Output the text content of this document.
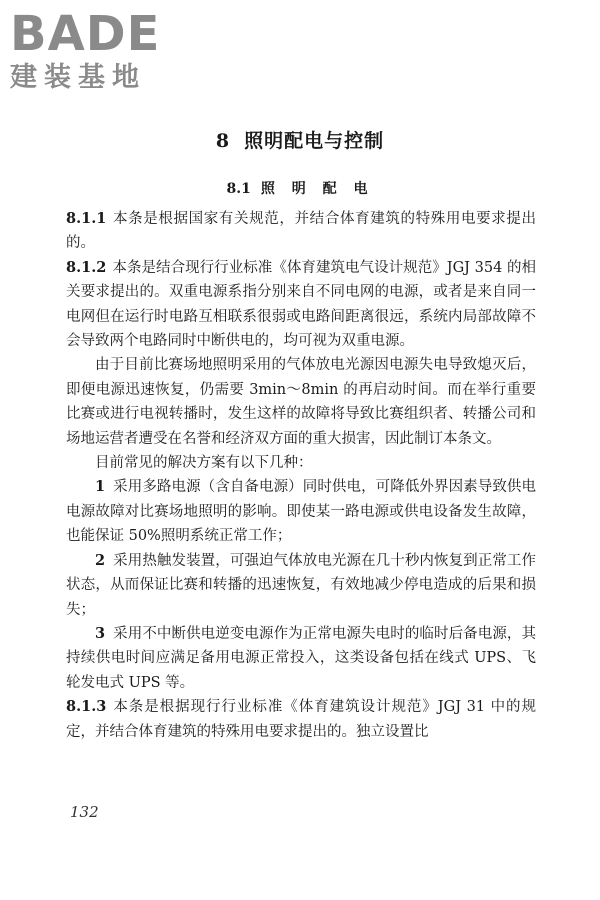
BADE
建装基地
8 照明配电与控制
8.1 照 明 配 电

8.1.1 本条是根据国家有关规范，并结合体育建筑的特殊用电要求提出的。

8.1.2 本条是结合现行行业标准《体育建筑电气设计规范》JGJ 354 的相关要求提出的。双重电源系指分别来自不同电网的电源，或者是来自同一电网但在运行时电路互相联系很弱或电路间距离很远，系统内局部故障不会导致两个电路同时中断供电的，均可视为双重电源。

由于目前比赛场地照明采用的气体放电光源因电源失电导致熄灭后，即便电源迅速恢复，仍需要 3min～8min 的再启动时间。而在举行重要比赛或进行电视转播时，发生这样的故障将导致比赛组织者、转播公司和场地运营者遭受在名誉和经济双方面的重大损害，因此制订本条文。

目前常见的解决方案有以下几种：

1 采用多路电源（含自备电源）同时供电，可降低外界因素导致供电电源故障对比赛场地照明的影响。即使某一路电源或供电设备发生故障，也能保证 50%照明系统正常工作；

2 采用热触发装置，可强迫气体放电光源在几十秒内恢复到正常工作状态，从而保证比赛和转播的迅速恢复，有效地减少停电造成的后果和损失；

3 采用不中断供电逆变电源作为正常电源失电时的临时后备电源，其持续供电时间应满足备用电源正常投入，这类设备包括在线式 UPS、飞轮发电式 UPS 等。

8.1.3 本条是根据现行行业标准《体育建筑设计规范》JGJ 31 中的规定，并结合体育建筑的特殊用电要求提出的。独立设置比

132
